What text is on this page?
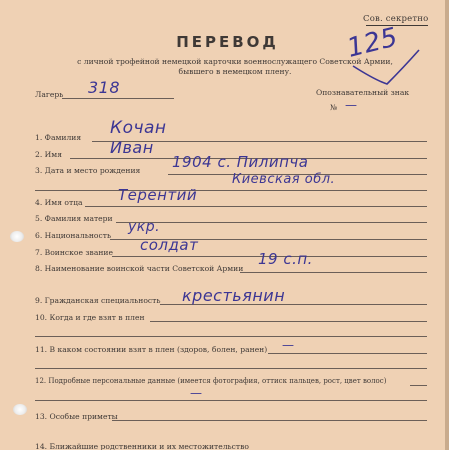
Сов. секретно
ПЕРЕВОД
с личной трофейной немецкой карточки военнослужащего Советской Армии,
бывшего в немецком плену.
125
Лагерь 318	Опознавательный знак
№ —
1. Фамилия Кочан
2. Имя	Иван
3. Дата и место рождения 1904 с. Пилипча
Киевская обл.
4. Имя отца Терентий
5. Фамилия матери
6. Национальность
укр.
7. Воинское звание солдат
8. Наименование воинской части Советской Армии
19 с.п.
9. Гражданская специальность крестьянин
10. Когда и где взят в плен
11. В каком состоянии взят в плен (здоров, болен, ранен) —
12. Подробные персональные данные (имеется фотография, оттиск пальцев, рост, цвет волос)
—
13. Особые приметы
14. Ближайшие родственники и их местожительство
